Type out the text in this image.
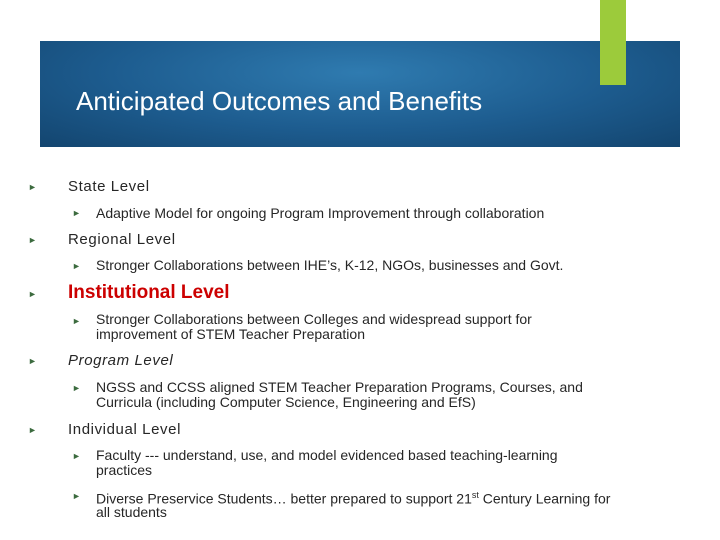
Anticipated Outcomes and Benefits
► State Level
► Adaptive Model for ongoing Program Improvement through collaboration
► Regional Level
► Stronger Collaborations between IHE’s, K-12, NGOs, businesses and Govt.
► Institutional Level
► Stronger Collaborations between Colleges and widespread support for
improvement of STEM Teacher Preparation
► Program Level
► NGSS and CCSS aligned STEM Teacher Preparation Programs, Courses, and
Curricula (including Computer Science, Engineering and EfS)
► Individual Level
► Faculty --- understand, use, and model evidenced based teaching-learning
practices
► Diverse Preservice Students… better prepared to support 21st Century Learning for
all students
